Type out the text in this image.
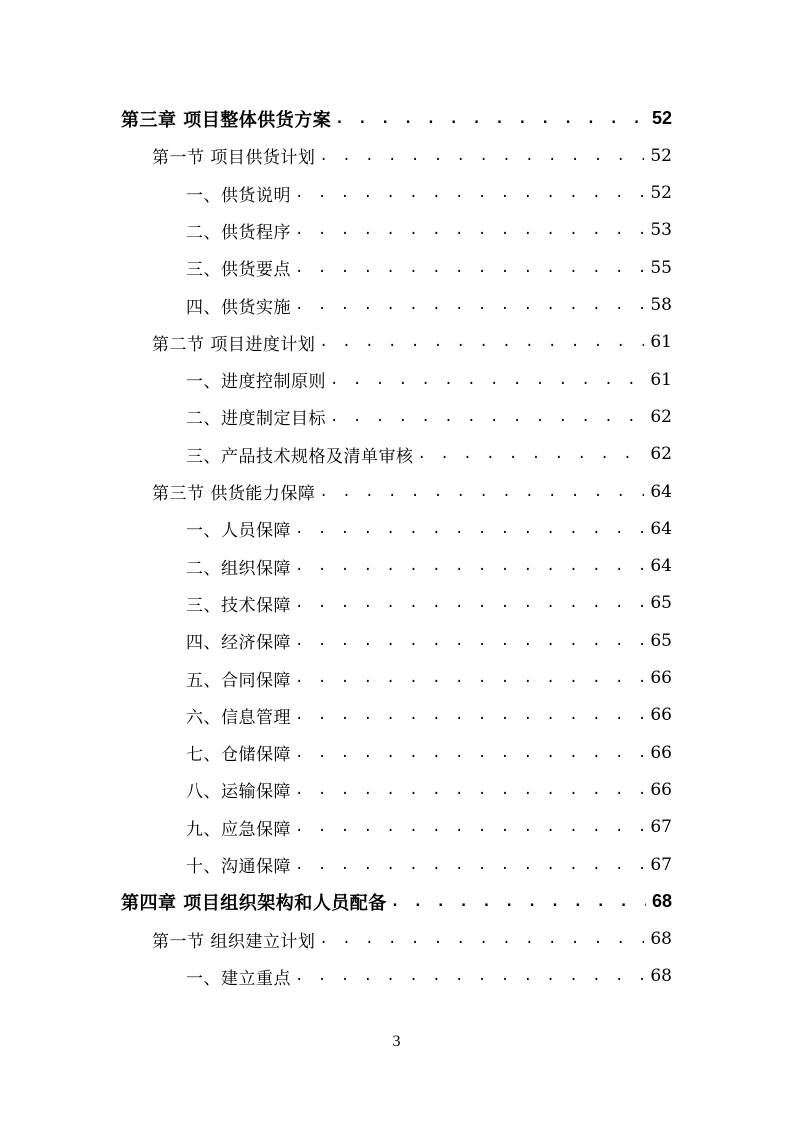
第三章 项目整体供货方案 . . .	52
第一节 项目供货计划 . . .	52
一、供货说明 . . .	52
二、供货程序 . . .	53
三、供货要点 . . .	55
四、供货实施 . . .	58
第二节 项目进度计划 . . .	61
一、进度控制原则 . . .	61
二、进度制定目标 . . .	62
三、产品技术规格及清单审核 . . .	62
第三节 供货能力保障 . . .	64
一、人员保障 . . .	64
二、组织保障 . . .	64
三、技术保障 . . .	65
四、经济保障 . . .	65
五、合同保障 . . .	66
六、信息管理 . . .	66
七、仓储保障 . . .	66
八、运输保障 . . .	66
九、应急保障 . . .	67
十、沟通保障 . . .	67
第四章 项目组织架构和人员配备 . . .	68
第一节 组织建立计划 . . .	68
一、建立重点 . . .	68
3
